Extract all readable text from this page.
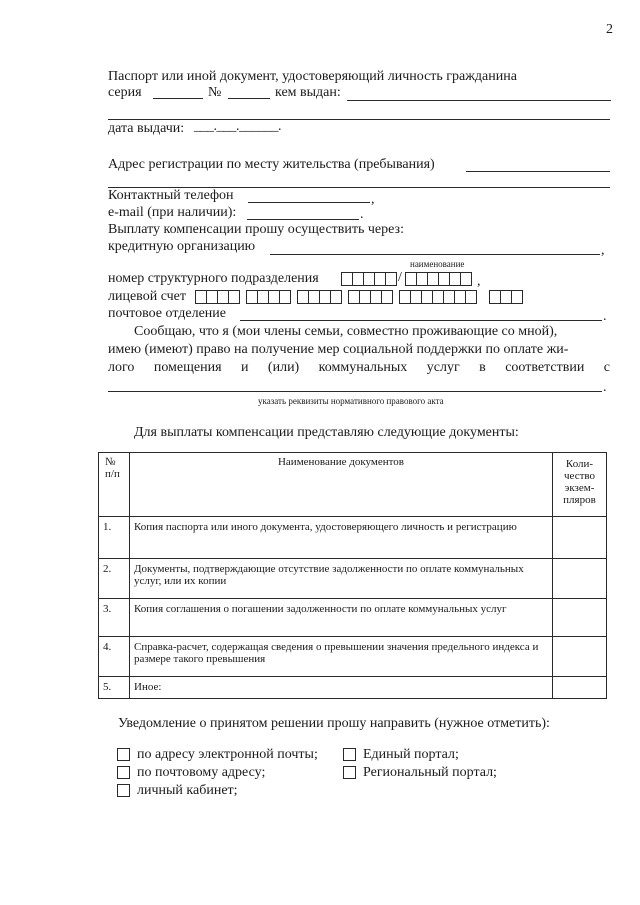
2
Паспорт или иной документ, удостоверяющий личность гражданина
серия	№	кем выдан:
дата выдачи: ___.___.______.
Адрес регистрации по месту жительства (пребывания)
Контактный телефон	,
e-mail (при наличии):	.
Выплату компенсации прошу осуществить через:
кредитную организацию	,
наименование
номер структурного подразделения	/	,
лицевой счет
почтовое отделение	.
Сообщаю, что я (мои члены семьи, совместно проживающие со мной),
имею (имеют) право на получение мер социальной поддержки по оплате жи-
лого помещения и (или) коммунальных услуг в соответствии с
.
указать реквизиты нормативного правового акта
Для выплаты компенсации представляю следующие документы:
№ п/п	Наименование документов	Коли- чество экзем- пляров
1.	Копия паспорта или иного документа, удостоверяющего личность и регистрацию	
2.	Документы, подтверждающие отсутствие задолженности по оплате коммунальных услуг, или их копии	
3.	Копия соглашения о погашении задолженности по оплате коммунальных услуг	
4.	Справка-расчет, содержащая сведения о превышении значения предельного индекса и размере такого превышения	
5.	Иное:	
Уведомление о принятом решении прошу направить (нужное отметить):
по адресу электронной почты;	Единый портал;
по почтовому адресу;	Региональный портал;
личный кабинет;
